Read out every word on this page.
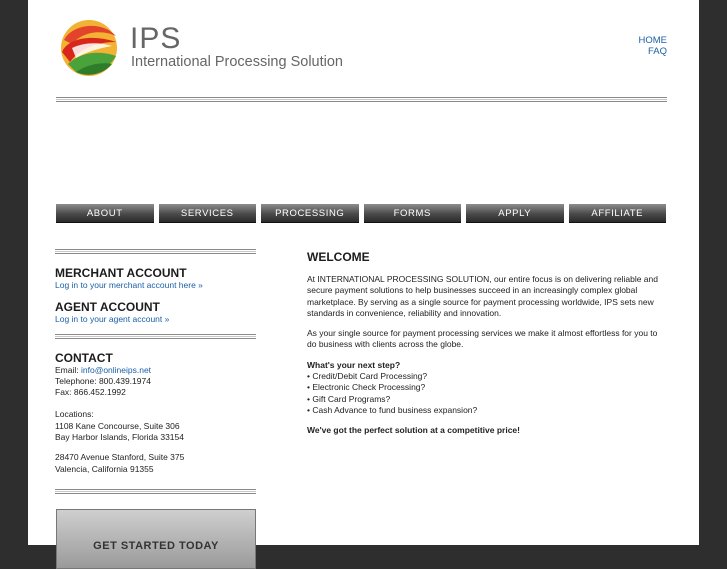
IPS
International Processing Solution
HOME
FAQ
ABOUT	SERVICES	PROCESSING	FORMS	APPLY	AFFILIATE
MERCHANT ACCOUNT

Log in to your merchant account here »

AGENT ACCOUNT

Log in to your agent account »

CONTACT

Email: info@onlineips.net

Telephone: 800.439.1974

Fax: 866.452.1992

Locations:

1108 Kane Concourse, Suite 306

Bay Harbor Islands, Florida 33154

28470 Avenue Stanford, Suite 375

Valencia, California 91355

GET STARTED TODAY
WELCOME

At INTERNATIONAL PROCESSING SOLUTION, our entire focus is on delivering reliable and secure payment solutions to help businesses succeed in an increasingly complex global marketplace. By serving as a single source for payment processing worldwide, IPS sets new standards in convenience, reliability and innovation.

As your single source for payment processing services we make it almost effortless for you to do business with clients across the globe.

What's your next step?
• Credit/Debit Card Processing?
• Electronic Check Processing?
• Gift Card Programs?
• Cash Advance to fund business expansion?

We've got the perfect solution at a competitive price!
